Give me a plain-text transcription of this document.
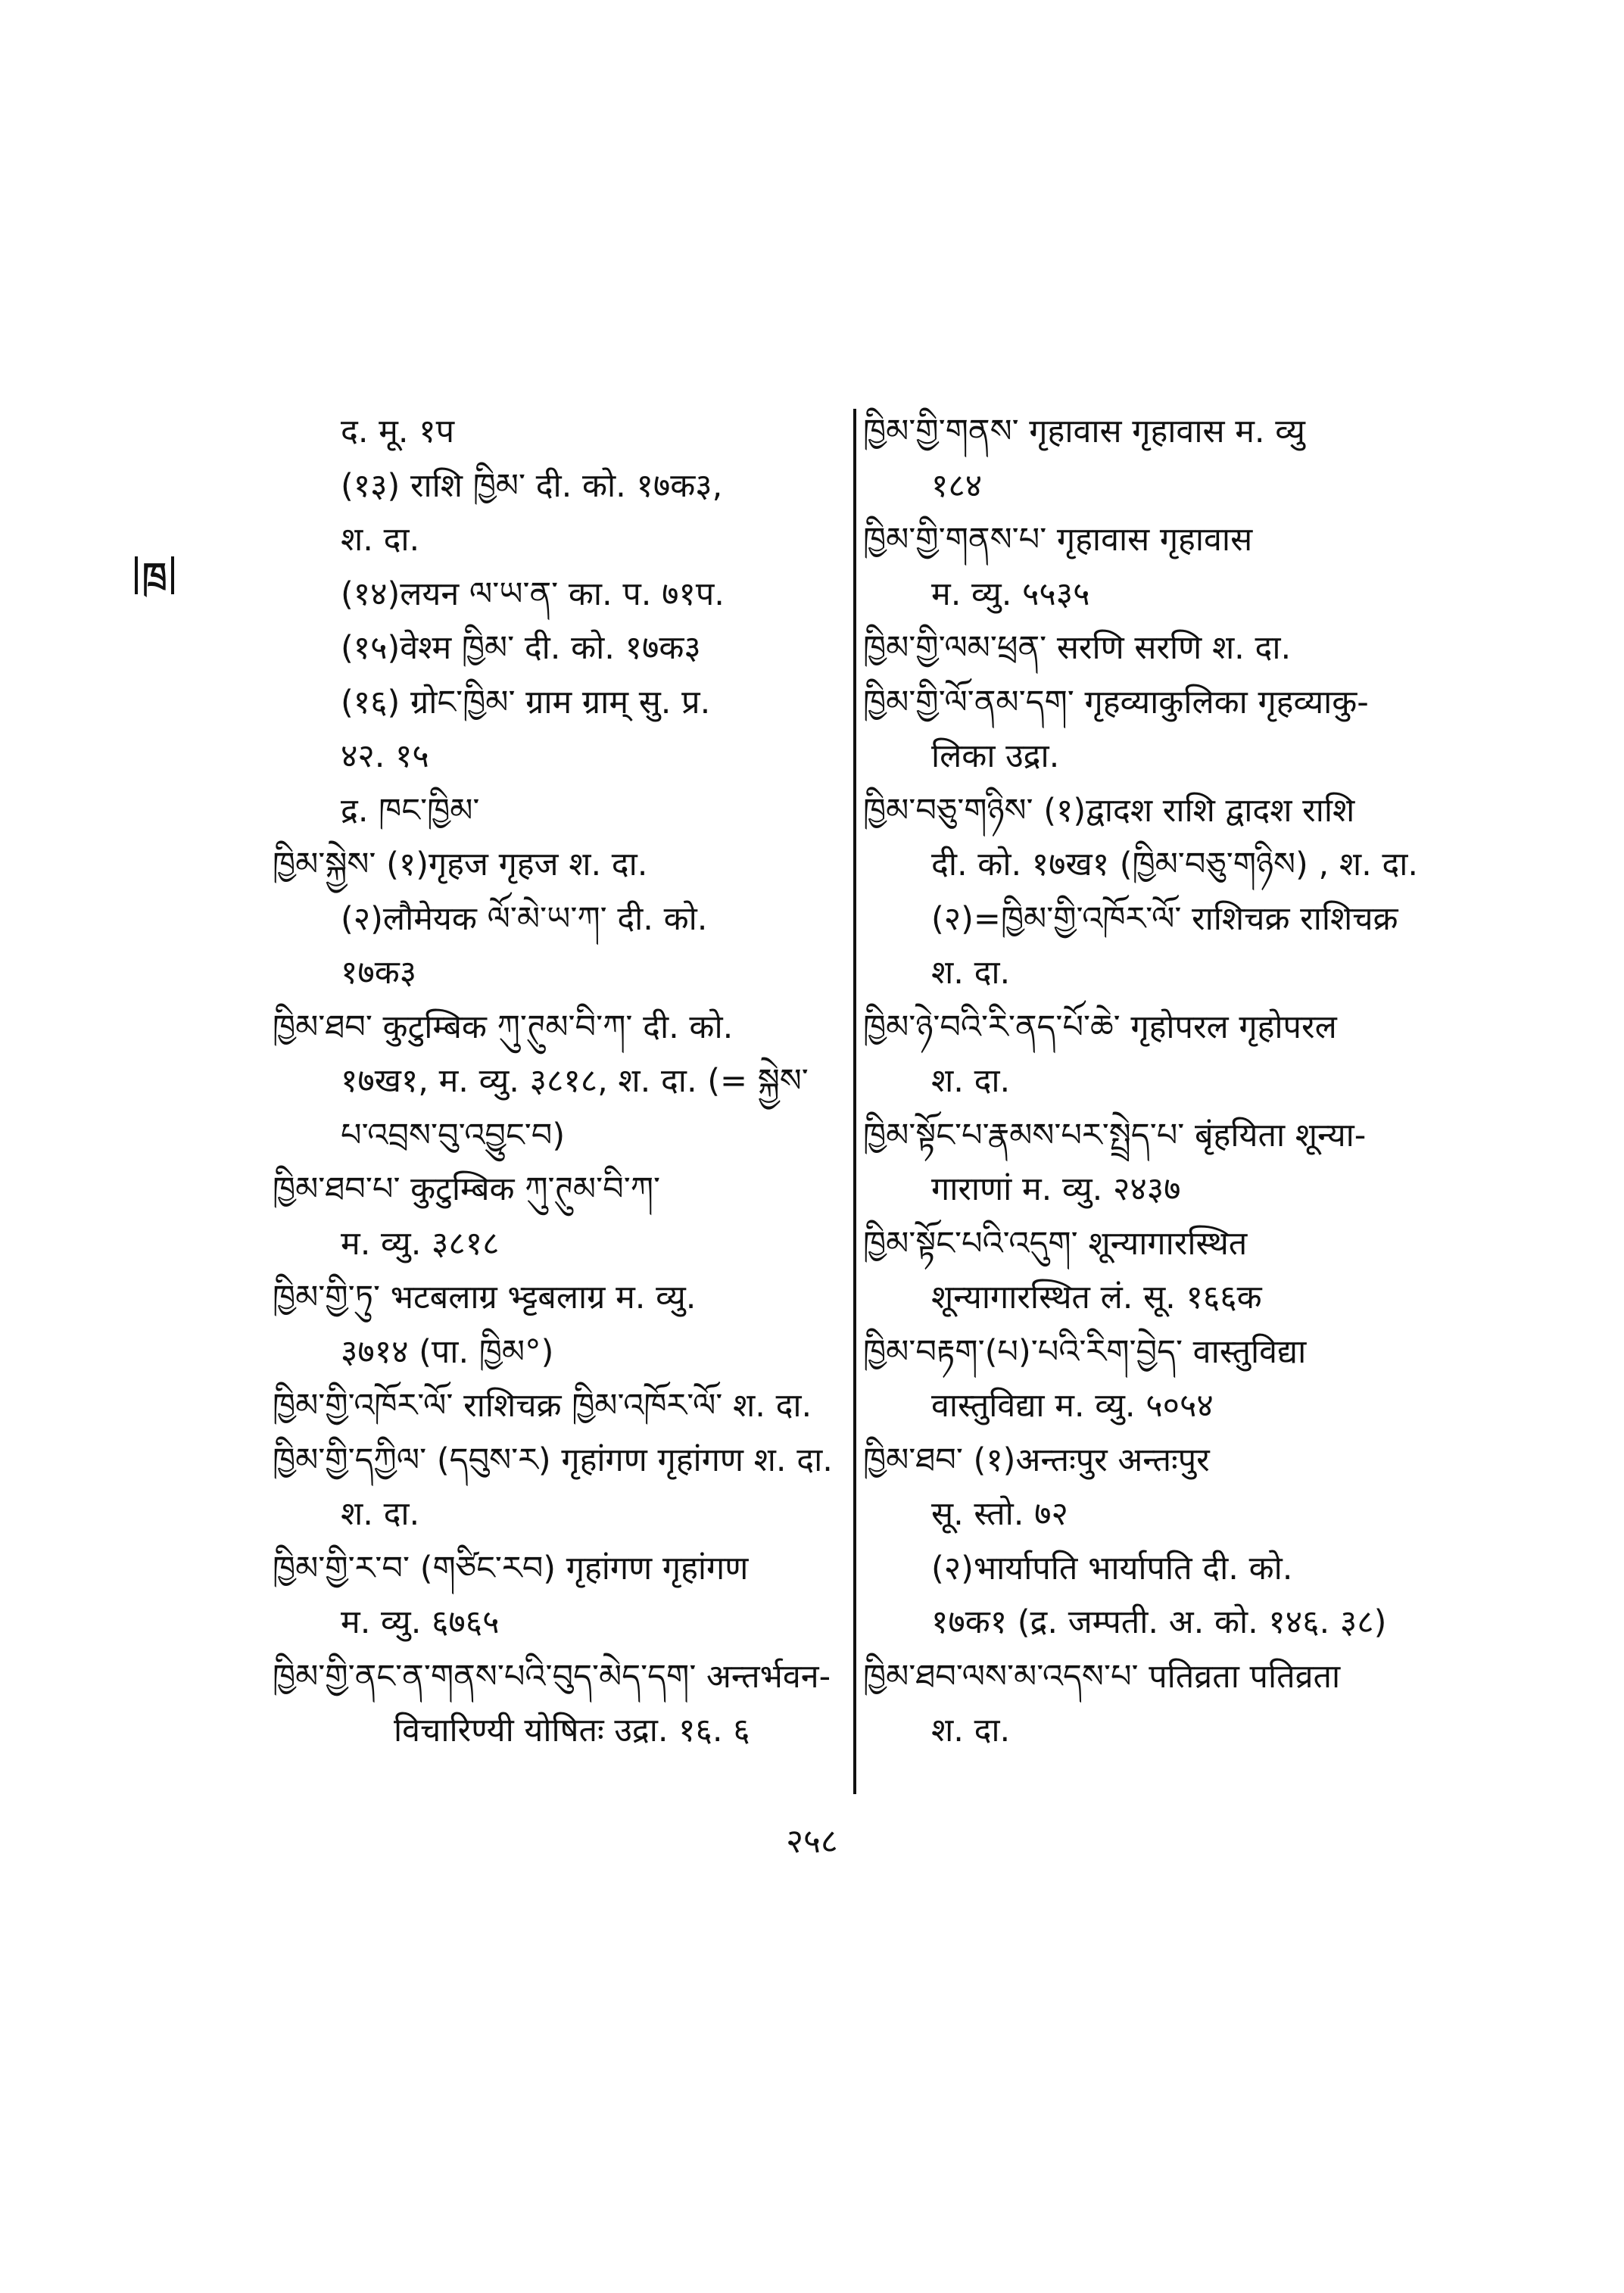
ཁྲ
द. मू. १प
(१३) राशि ཁྱིམ་ दी. को. १७क३,
श. दा.
(१४)लयन ལ་ཡ་ན་ का. प. ७१प.
(१५)वेश्म ཁྱིམ་ दी. को. १७क३
(१६) ग्रोང་ཁྱིམ་ ग्राम ग्राम् सु. प्र.
४२. १५
द्र. ཁང་ཁྱིམ་
ཁྱིམ་སྐྱེས་ (१)गृहज गृहज श. दा.
(२)लौमेयक ལོ་མེ་ཡ་ཀ་ दी. को.
१७क३
ཁྱིམ་ཐབ་ कुटुम्बिक ཀུ་ཊུམ་བི་ཀ་ दी. को.
१७ख१, म. व्यु. ३८१८, श. दा. (= སྐྱེས་
པ་འབྲས་བུ་འབྱུང་བ)
ཁྱིམ་ཐབ་པ་ कुटुम्बिक ཀུ་ཊུམ་བི་ཀ་
म. व्यु. ३८१८
ཁྱིམ་གྱི་ཏུ་ भटबलाग्र भ्ट्टबलाग्र म. व्यु.
३७१४ (पा. ཁྱིམ°)
ཁྱིམ་གྱི་འཁོར་ལོ་ राशिचक्र ཁྱིམ་འཁོར་ལོ་ श. दा.
ཁྱིམ་གྱི་དཀྱིལ་ (དབུས་ར) गृहांगण गृहांगण श. दा.
श. दा.
ཁྱིམ་གྱི་ར་བ་ (གཙིང་རབ) गृहांगण गृहांगण
म. व्यु. ६७६५
ཁྱིམ་གྱི་ནང་ན་གནས་པའི་བུད་མེད་དག་ अन्तर्भवन-
विचारिण्यी योषितः उद्रा. १६. ६
ཁྱིམ་གྱི་གནས་ गृहावास गृहावास म. व्यु
१८४
ཁྱིམ་གྱི་གནས་པ་ गृहावास गृहावास
म. व्यु. ५५३५
ཁྱིམ་གྱི་ལམ་ཕྲན་ सरणि सरणि श. दा.
ཁྱིམ་གྱི་ལོ་ནམ་དག་ गृहव्याकुलिका गृहव्याकु-
लिका उद्रा.
ཁྱིམ་བཅུ་གཉིས་ (१)द्वादश राशि द्वादश राशि
दी. को. १७ख१ (ཁྱིམ་བཅུ་གཉིས) , श. दा.
(२)=ཁྱིམ་གྱི་འཁོར་ལོ་ राशिचक्र राशिचक्र
श. दा.
ཁྱིམ་ཉེ་བའི་རི་ནད་པོ་ཆེ་ गृहोपरल गृहोपरल
श. दा.
ཁྱིམ་སྟོང་པ་རྣམས་པར་སྤྲེད་པ་ बृंहयिता शून्या-
गाराणां म. व्यु. २४३७
ཁྱིམ་སྟོང་པའི་འདུག་ शून्यागारस्थित
शून्यागारस्थित लं. सू. १६६क
ཁྱིམ་བརྟག་(པ)་པའི་རིག་བྱེད་ वास्तुविद्या
वास्तुविद्या म. व्यु. ५०५४
ཁྱིམ་ཐབ་ (१)अन्तःपुर अन्तःपुर
सू. स्तो. ७२
(२)भार्यापति भार्यापति दी. को.
१७क१ (द्र. जम्पती. अ. को. १४६. ३८)
ཁྱིམ་ཐབ་ལས་མ་འདས་པ་ पतिव्रता पतिव्रता
श. दा.
२५८
